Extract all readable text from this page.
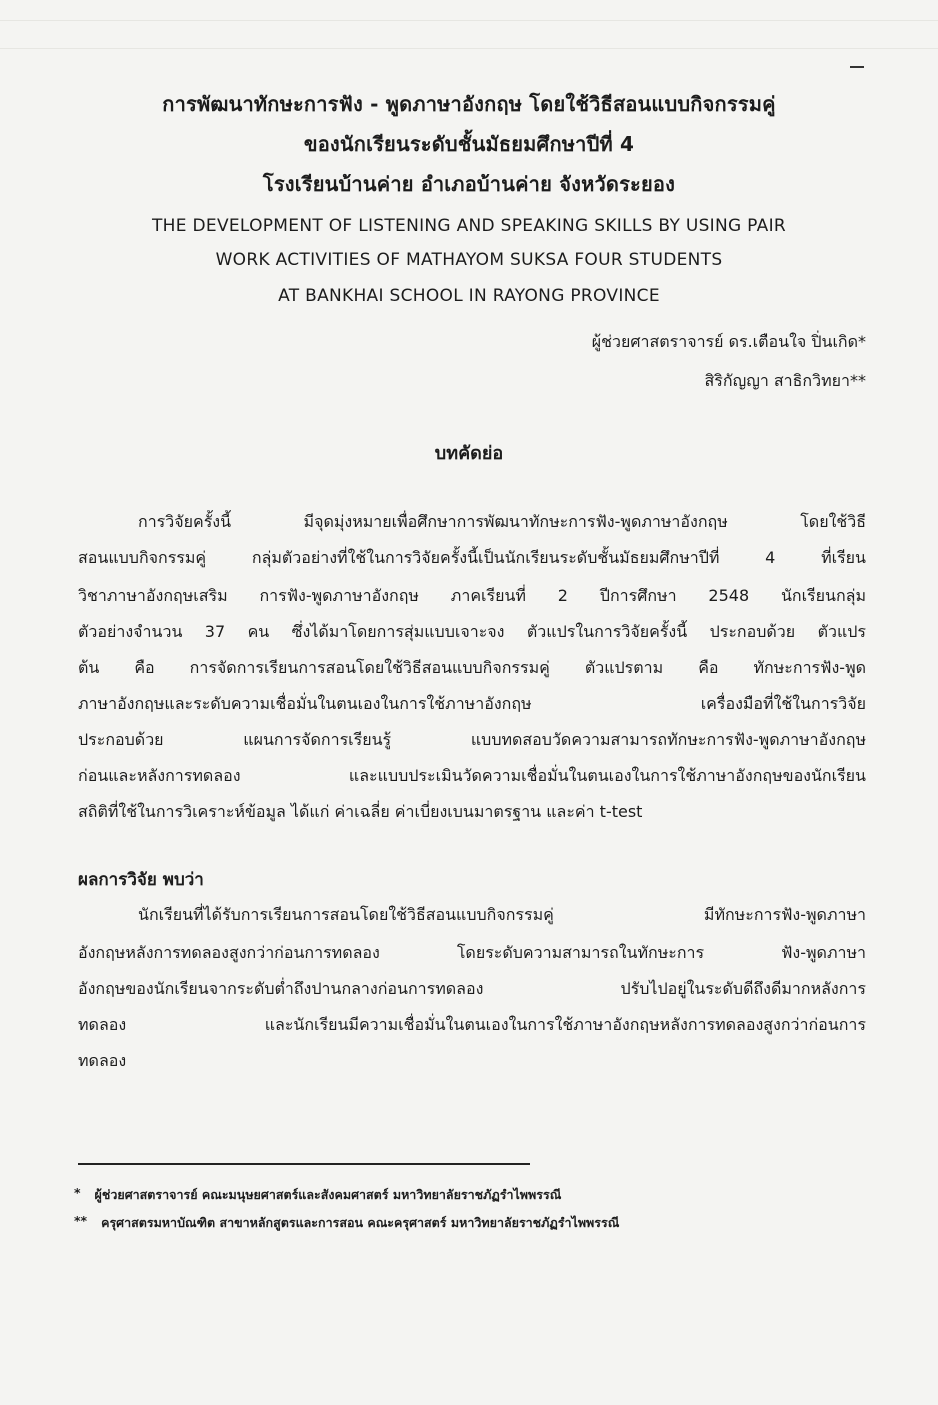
การพัฒนาทักษะการฟัง - พูดภาษาอังกฤษ โดยใช้วิธีสอนแบบกิจกรรมคู่

ของนักเรียนระดับชั้นมัธยมศึกษาปีที่ 4

โรงเรียนบ้านค่าย อำเภอบ้านค่าย จังหวัดระยอง

THE DEVELOPMENT OF LISTENING AND SPEAKING SKILLS BY USING PAIR

WORK ACTIVITIES OF MATHAYOM SUKSA FOUR STUDENTS

AT BANKHAI SCHOOL IN RAYONG PROVINCE

ผู้ช่วยศาสตราจารย์ ดร.เตือนใจ ปิ่นเกิด*

สิริกัญญา สาธิกวิทยา**

บทคัดย่อ

การวิจัยครั้งนี้ มีจุดมุ่งหมายเพื่อศึกษาการพัฒนาทักษะการฟัง-พูดภาษาอังกฤษ โดยใช้วิธี

สอนแบบกิจกรรมคู่ กลุ่มตัวอย่างที่ใช้ในการวิจัยครั้งนี้เป็นนักเรียนระดับชั้นมัธยมศึกษาปีที่ 4 ที่เรียน

วิชาภาษาอังกฤษเสริม การฟัง-พูดภาษาอังกฤษ ภาคเรียนที่ 2 ปีการศึกษา 2548 นักเรียนกลุ่ม

ตัวอย่างจำนวน 37 คน ซึ่งได้มาโดยการสุ่มแบบเจาะจง ตัวแปรในการวิจัยครั้งนี้ ประกอบด้วย ตัวแปร

ต้น คือ การจัดการเรียนการสอนโดยใช้วิธีสอนแบบกิจกรรมคู่ ตัวแปรตาม คือ ทักษะการฟัง-พูด

ภาษาอังกฤษและระดับความเชื่อมั่นในตนเองในการใช้ภาษาอังกฤษ เครื่องมือที่ใช้ในการวิจัย

ประกอบด้วย แผนการจัดการเรียนรู้ แบบทดสอบวัดความสามารถทักษะการฟัง-พูดภาษาอังกฤษ

ก่อนและหลังการทดลอง และแบบประเมินวัดความเชื่อมั่นในตนเองในการใช้ภาษาอังกฤษของนักเรียน

สถิติที่ใช้ในการวิเคราะห์ข้อมูล ได้แก่ ค่าเฉลี่ย ค่าเบี่ยงเบนมาตรฐาน และค่า t-test

ผลการวิจัย พบว่า

นักเรียนที่ได้รับการเรียนการสอนโดยใช้วิธีสอนแบบกิจกรรมคู่ มีทักษะการฟัง-พูดภาษา

อังกฤษหลังการทดลองสูงกว่าก่อนการทดลอง โดยระดับความสามารถในทักษะการ ฟัง-พูดภาษา

อังกฤษของนักเรียนจากระดับต่ำถึงปานกลางก่อนการทดลอง ปรับไปอยู่ในระดับดีถึงดีมากหลังการ

ทดลอง และนักเรียนมีความเชื่อมั่นในตนเองในการใช้ภาษาอังกฤษหลังการทดลองสูงกว่าก่อนการ

ทดลอง

* ผู้ช่วยศาสตราจารย์ คณะมนุษยศาสตร์และสังคมศาสตร์ มหาวิทยาลัยราชภัฏรำไพพรรณี
** ครุศาสตรมหาบัณฑิต สาขาหลักสูตรและการสอน คณะครุศาสตร์ มหาวิทยาลัยราชภัฏรำไพพรรณี
